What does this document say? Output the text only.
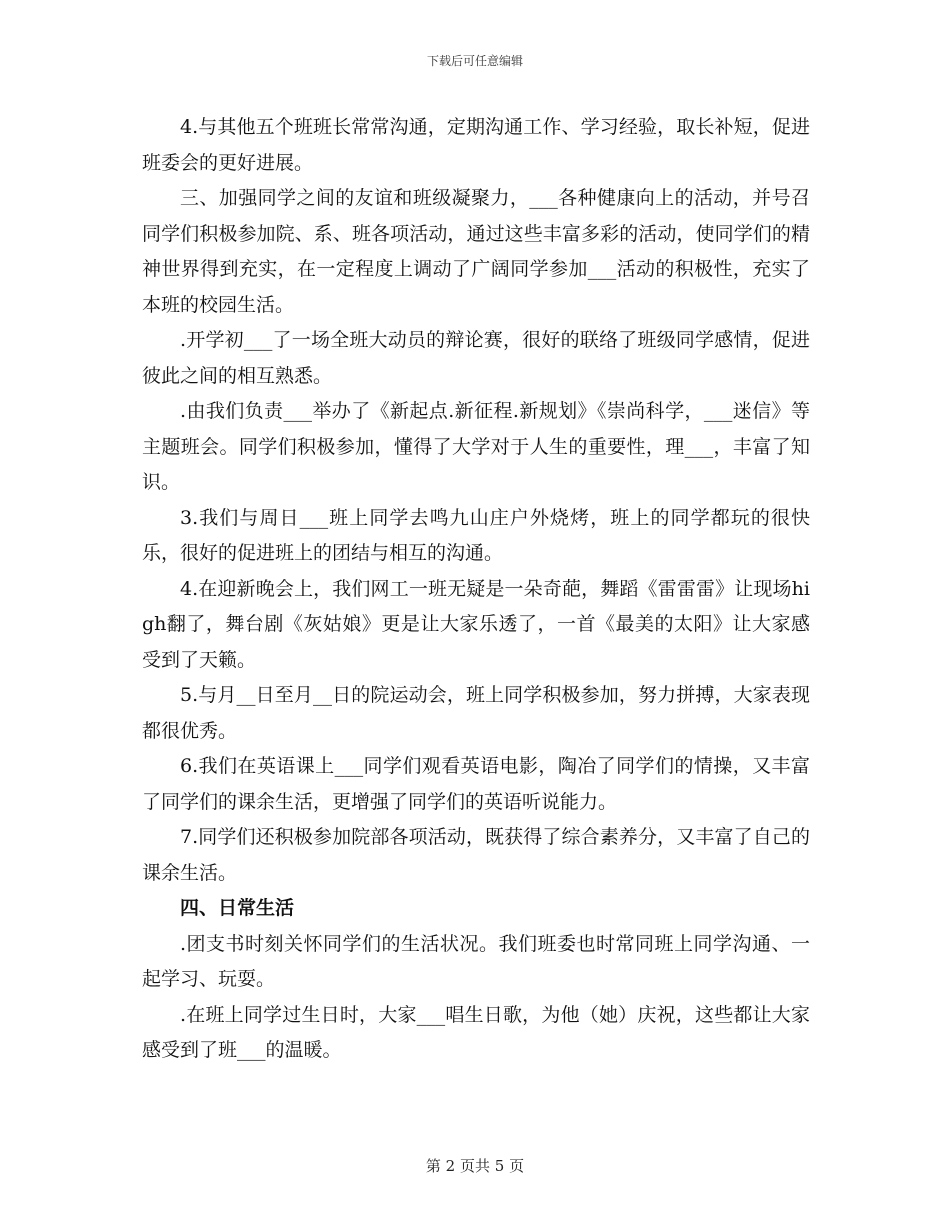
下载后可任意编辑

4.与其他五个班班长常常沟通，定期沟通工作、学习经验，取长补短，促进班委会的更好进展。

三、加强同学之间的友谊和班级凝聚力，___各种健康向上的活动，并号召同学们积极参加院、系、班各项活动，通过这些丰富多彩的活动，使同学们的精神世界得到充实，在一定程度上调动了广阔同学参加___活动的积极性，充实了本班的校园生活。

.开学初___了一场全班大动员的辩论赛，很好的联络了班级同学感情，促进彼此之间的相互熟悉。

.由我们负责___举办了《新起点.新征程.新规划》《崇尚科学，___迷信》等主题班会。同学们积极参加，懂得了大学对于人生的重要性，理___，丰富了知识。

3.我们与周日___班上同学去鸣九山庄户外烧烤，班上的同学都玩的很快乐，很好的促进班上的团结与相互的沟通。

4.在迎新晚会上，我们网工一班无疑是一朵奇葩，舞蹈《雷雷雷》让现场high翻了，舞台剧《灰姑娘》更是让大家乐透了，一首《最美的太阳》让大家感受到了天籁。

5.与月__日至月__日的院运动会，班上同学积极参加，努力拼搏，大家表现都很优秀。

6.我们在英语课上___同学们观看英语电影，陶冶了同学们的情操，又丰富了同学们的课余生活，更增强了同学们的英语听说能力。

7.同学们还积极参加院部各项活动，既获得了综合素养分，又丰富了自己的课余生活。

四、日常生活

.团支书时刻关怀同学们的生活状况。我们班委也时常同班上同学沟通、一起学习、玩耍。

.在班上同学过生日时，大家___唱生日歌，为他（她）庆祝，这些都让大家感受到了班___的温暖。

第 2 页共 5 页
